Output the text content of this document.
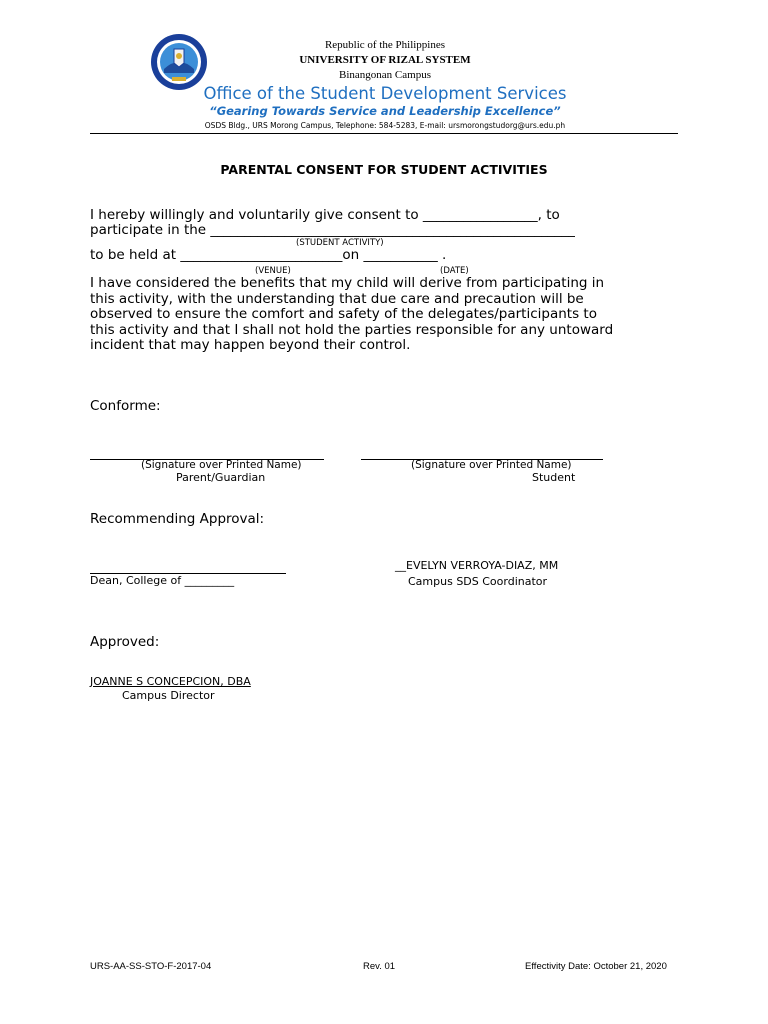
Republic of the Philippines
UNIVERSITY OF RIZAL SYSTEM
Binangonan Campus
Office of the Student Development Services
“Gearing Towards Service and Leadership Excellence”
OSDS Bldg., URS Morong Campus, Telephone: 584-5283, E-mail: ursmorongstudorg@urs.edu.ph
PARENTAL CONSENT FOR STUDENT ACTIVITIES
I hereby willingly and voluntarily give consent to _________________, to
participate in the ______________________________________________________
(STUDENT ACTIVITY)
to be held at ________________________on ___________ .
(VENUE)	(DATE)
I have considered the benefits that my child will derive from participating in
this activity, with the understanding that due care and precaution will be
observed to ensure the comfort and safety of the delegates/participants to
this activity and that I shall not hold the parties responsible for any untoward
incident that may happen beyond their control.
Conforme:
(Signature over Printed Name)
Parent/Guardian
(Signature over Printed Name)
Student
Recommending Approval:
Dean, College of _________
__EVELYN VERROYA-DIAZ, MM
Campus SDS Coordinator
Approved:
JOANNE S CONCEPCION, DBA
Campus Director
URS-AA-SS-STO-F-2017-04	Rev. 01	Effectivity Date: October 21, 2020
